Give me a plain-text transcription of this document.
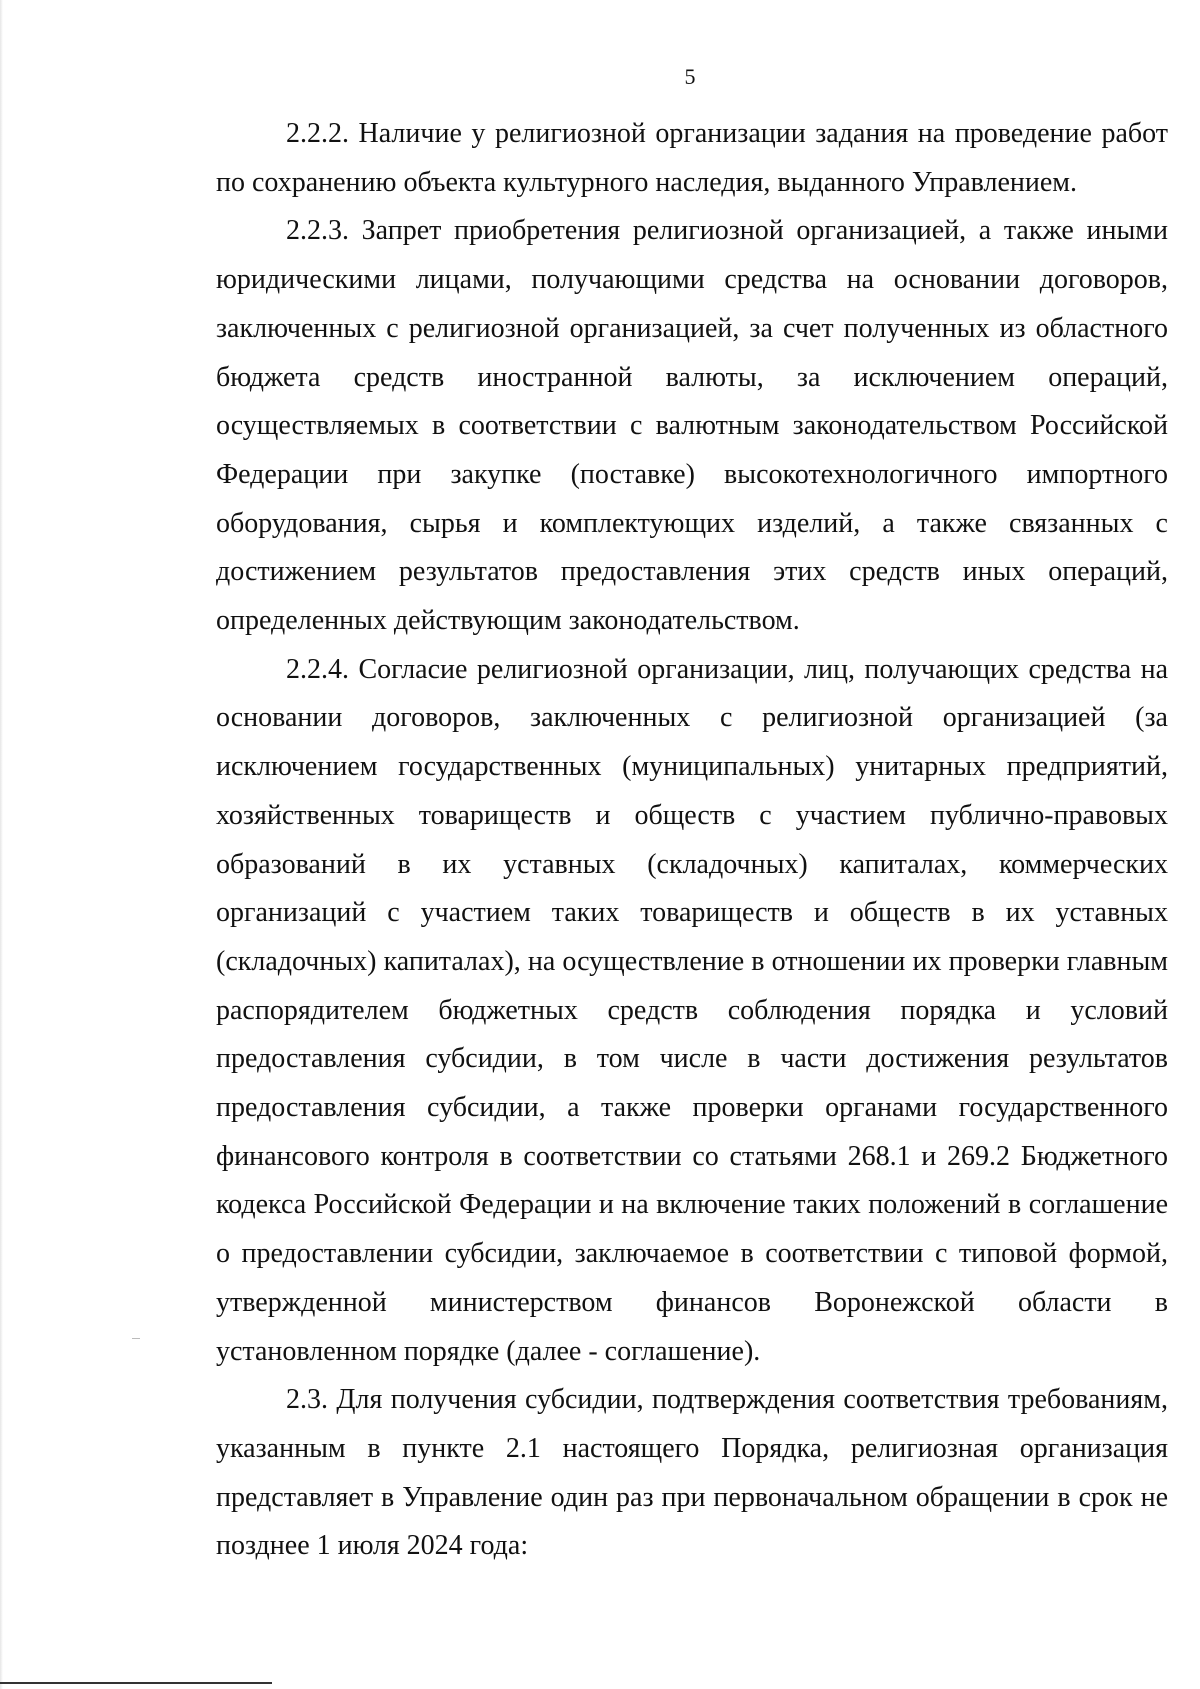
5

2.2.2. Наличие у религиозной организации задания на проведение работ по сохранению объекта культурного наследия, выданного Управлением.

2.2.3. Запрет приобретения религиозной организацией, а также иными юридическими лицами, получающими средства на основании договоров, заключенных с религиозной организацией, за счет полученных из областного бюджета средств иностранной валюты, за исключением операций, осуществляемых в соответствии с валютным законодательством Российской Федерации при закупке (поставке) высокотехнологичного импортного оборудования, сырья и комплектующих изделий, а также связанных с достижением результатов предоставления этих средств иных операций, определенных действующим законодательством.

2.2.4. Согласие религиозной организации, лиц, получающих средства на основании договоров, заключенных с религиозной организацией (за исключением государственных (муниципальных) унитарных предприятий, хозяйственных товариществ и обществ с участием публично-правовых образований в их уставных (складочных) капиталах, коммерческих организаций с участием таких товариществ и обществ в их уставных (складочных) капиталах), на осуществление в отношении их проверки главным распорядителем бюджетных средств соблюдения порядка и условий предоставления субсидии, в том числе в части достижения результатов предоставления субсидии, а также проверки органами государственного финансового контроля в соответствии со статьями 268.1 и 269.2 Бюджетного кодекса Российской Федерации и на включение таких положений в соглашение о предоставлении субсидии, заключаемое в соответствии с типовой формой, утвержденной министерством финансов Воронежской области в установленном порядке (далее - соглашение).

2.3. Для получения субсидии, подтверждения соответствия требованиям, указанным в пункте 2.1 настоящего Порядка, религиозная организация представляет в Управление один раз при первоначальном обращении в срок не позднее 1 июля 2024 года:
